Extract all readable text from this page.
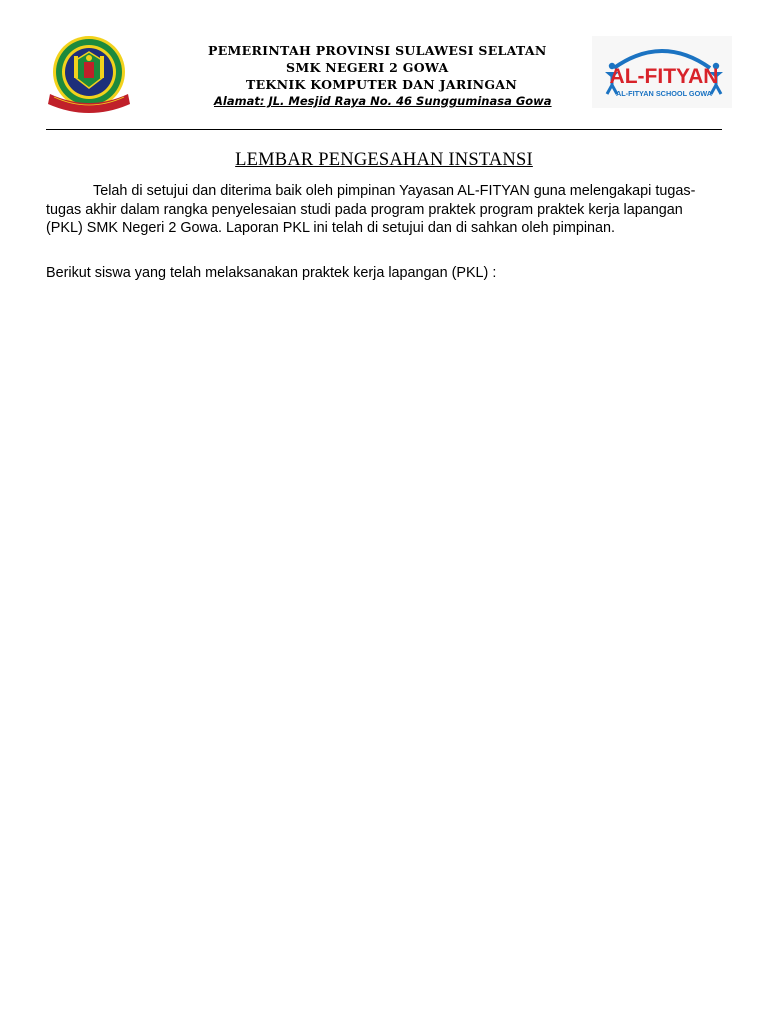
PEMERINTAH PROVINSI SULAWESI SELATAN
SMK NEGERI 2 GOWA
TEKNIK KOMPUTER DAN JARINGAN
Alamat: JL. Mesjid Raya No. 46 Sungguminasa Gowa
AL-FITYAN
AL-FITYAN SCHOOL GOWA
LEMBAR PENGESAHAN INSTANSI
Telah di setujui dan diterima baik oleh pimpinan Yayasan AL-FITYAN guna melengakapi tugas-tugas akhir dalam rangka penyelesaian studi pada program praktek program praktek kerja lapangan (PKL) SMK Negeri 2 Gowa. Laporan PKL ini telah di setujui dan di sahkan oleh pimpinan.
Berikut siswa yang telah melaksanakan praktek kerja lapangan (PKL) :
